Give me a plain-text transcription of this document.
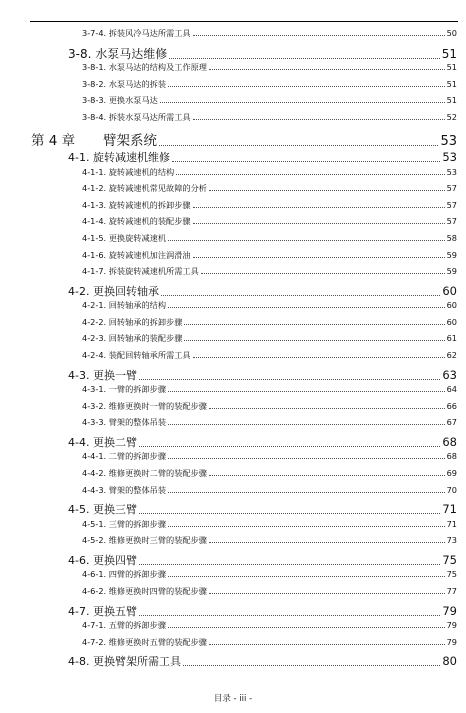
3-7-4. 拆装风冷马达所需工具	50
3-8. 水泵马达维修	51
3-8-1. 水泵马达的结构及工作原理	51
3-8-2. 水泵马达的拆装	51
3-8-3. 更换水泵马达	51
3-8-4. 拆装水泵马达所需工具	52
第 4 章 臂架系统	53
4-1. 旋转减速机维修	53
4-1-1. 旋转减速机的结构	53
4-1-2. 旋转减速机常见故障的分析	57
4-1-3. 旋转减速机的拆卸步骤	57
4-1-4. 旋转减速机的装配步骤	57
4-1-5. 更换旋转减速机	58
4-1-6. 旋转减速机加注润滑油	59
4-1-7. 拆装旋转减速机所需工具	59
4-2. 更换回转轴承	60
4-2-1. 回转轴承的结构	60
4-2-2. 回转轴承的拆卸步骤	60
4-2-3. 回转轴承的装配步骤	61
4-2-4. 装配回转轴承所需工具	62
4-3. 更换一臂	63
4-3-1. 一臂的拆卸步骤	64
4-3-2. 维修更换时一臂的装配步骤	66
4-3-3. 臂架的整体吊装	67
4-4. 更换二臂	68
4-4-1. 二臂的拆卸步骤	68
4-4-2. 维修更换时二臂的装配步骤	69
4-4-3. 臂架的整体吊装	70
4-5. 更换三臂	71
4-5-1. 三臂的拆卸步骤	71
4-5-2. 维修更换时三臂的装配步骤	73
4-6. 更换四臂	75
4-6-1. 四臂的拆卸步骤	75
4-6-2. 维修更换时四臂的装配步骤	77
4-7. 更换五臂	79
4-7-1. 五臂的拆卸步骤	79
4-7-2. 维修更换时五臂的装配步骤	79
4-8. 更换臂架所需工具	80
目录 - iii -
